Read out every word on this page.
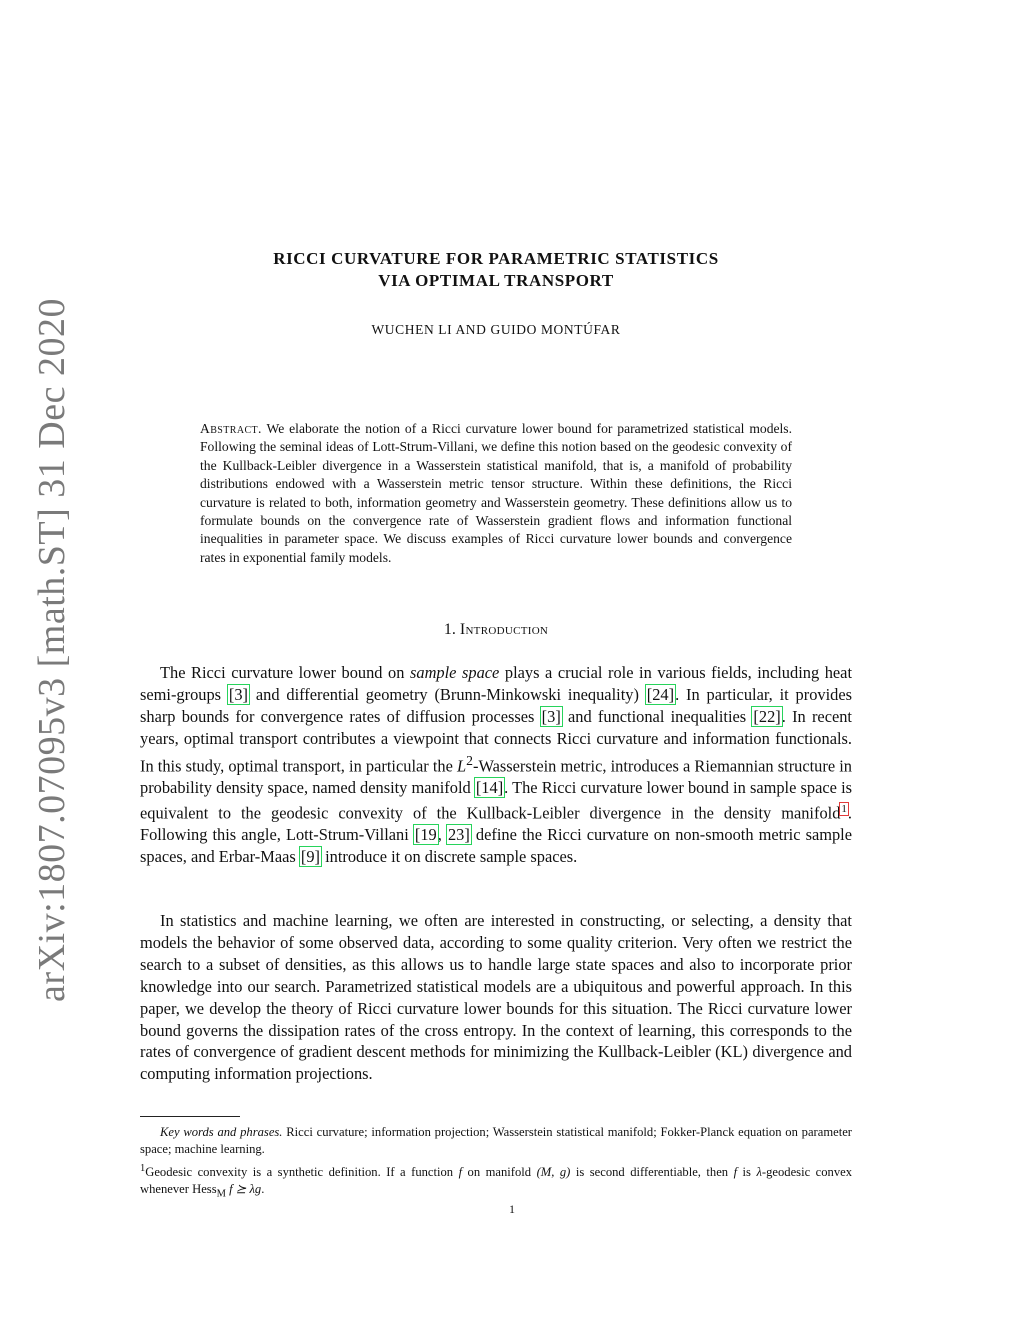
arXiv:1807.07095v3 [math.ST] 31 Dec 2020
RICCI CURVATURE FOR PARAMETRIC STATISTICS
VIA OPTIMAL TRANSPORT
WUCHEN LI AND GUIDO MONTÚFAR
Abstract. We elaborate the notion of a Ricci curvature lower bound for parametrized statistical models. Following the seminal ideas of Lott-Strum-Villani, we define this notion based on the geodesic convexity of the Kullback-Leibler divergence in a Wasserstein statistical manifold, that is, a manifold of probability distributions endowed with a Wasserstein metric tensor structure. Within these definitions, the Ricci curvature is related to both, information geometry and Wasserstein geometry. These definitions allow us to formulate bounds on the convergence rate of Wasserstein gradient flows and information functional inequalities in parameter space. We discuss examples of Ricci curvature lower bounds and convergence rates in exponential family models.
1. Introduction

The Ricci curvature lower bound on sample space plays a crucial role in various fields, including heat semi-groups [3] and differential geometry (Brunn-Minkowski inequality) [24]. In particular, it provides sharp bounds for convergence rates of diffusion processes [3] and functional inequalities [22]. In recent years, optimal transport contributes a viewpoint that connects Ricci curvature and information functionals. In this study, optimal transport, in particular the $L^2$-Wasserstein metric, introduces a Riemannian structure in probability density space, named density manifold [14]. The Ricci curvature lower bound in sample space is equivalent to the geodesic convexity of the Kullback-Leibler divergence in the density manifold$^1$. Following this angle, Lott-Strum-Villani [19, 23] define the Ricci curvature on non-smooth metric sample spaces, and Erbar-Maas [9] introduce it on discrete sample spaces.

In statistics and machine learning, we often are interested in constructing, or selecting, a density that models the behavior of some observed data, according to some quality criterion. Very often we restrict the search to a subset of densities, as this allows us to handle large state spaces and also to incorporate prior knowledge into our search. Parametrized statistical models are a ubiquitous and powerful approach. In this paper, we develop the theory of Ricci curvature lower bounds for this situation. The Ricci curvature lower bound governs the dissipation rates of the cross entropy. In the context of learning, this corresponds to the rates of convergence of gradient descent methods for minimizing the Kullback-Leibler (KL) divergence and computing information projections.

Key words and phrases. Ricci curvature; information projection; Wasserstein statistical manifold; Fokker-Planck equation on parameter space; machine learning.

$^1$Geodesic convexity is a synthetic definition. If a function f on manifold (M, g) is second differentiable, then f is λ-geodesic convex whenever Hess$_M$ f ⪰ λg.

1
